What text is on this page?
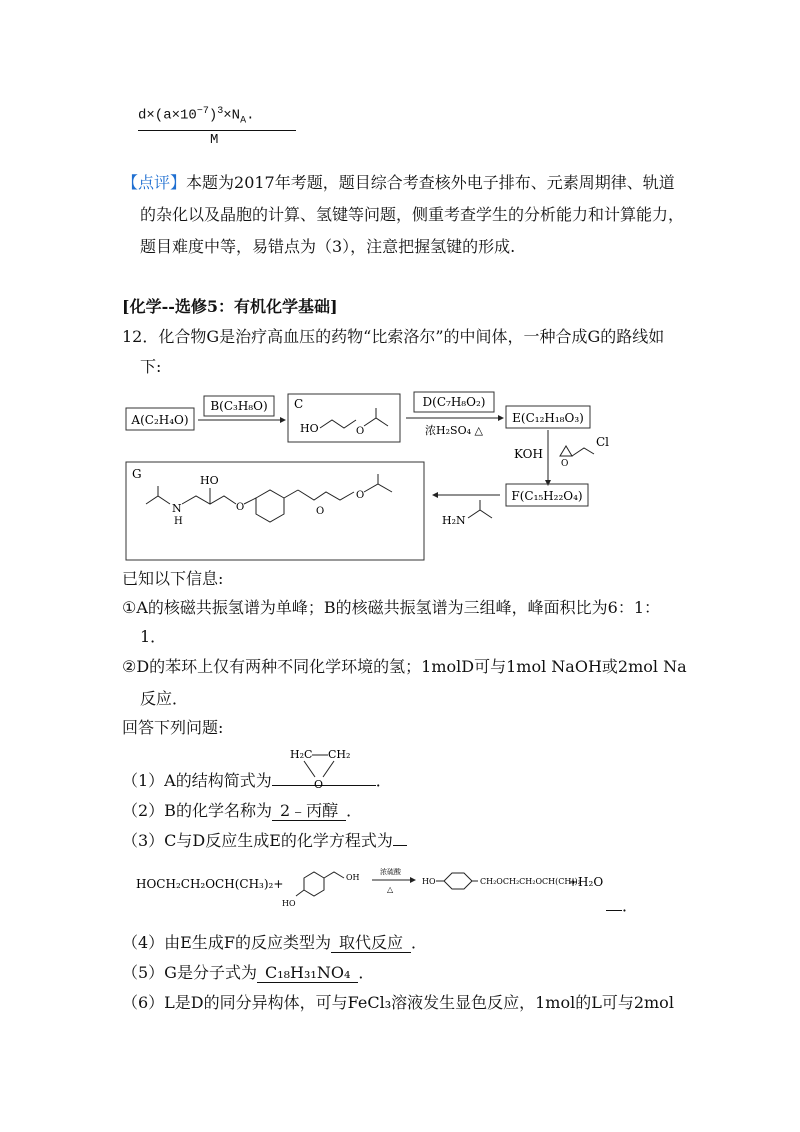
$d\times(a\times 10^{-7})^3\times N_A$.
M
【点评】本题为2017年考题，题目综合考查核外电子排布、元素周期律、轨道
的杂化以及晶胞的计算、氢键等问题，侧重考查学生的分析能力和计算能力，
题目难度中等，易错点为（3），注意把握氢键的形成.
[化学--选修5：有机化学基础]
12．化合物G是治疗高血压的药物“比索洛尔”的中间体，一种合成G的路线如
下:
A(C₂H₄O)
B(C₃H₈O) C
HO	O
D(C₇H₈O₂)
浓H₂SO₄ △
E(C₁₂H₁₈O₃)
KOH
O
Cl
F(C₁₅H₂₂O₄)
H₂N
G
N
H
HO
O	O
O
已知以下信息:
①A的核磁共振氢谱为单峰；B的核磁共振氢谱为三组峰，峰面积比为6：1：
1．
②D的苯环上仅有两种不同化学环境的氢；1molD可与1mol NaOH或2mol Na
反应．
回答下列问题:
（1）A的结构简式为	．
H₂C CH₂
O
（2）B的化学名称为 2﹣丙醇 ．
（3）C与D反应生成E的化学方程式为
HOCH₂CH₂OCH(CH₃)₂+
HO
OH
浓硫酸
△
HO	CH₂OCH₂CH₂OCH(CH₃)₂
+H₂O
．
（4）由E生成F的反应类型为 取代反应 ．
（5）G是分子式为 C₁₈H₃₁NO₄ ．
（6）L是D的同分异构体，可与FeCl₃溶液发生显色反应，1mol的L可与2mol
